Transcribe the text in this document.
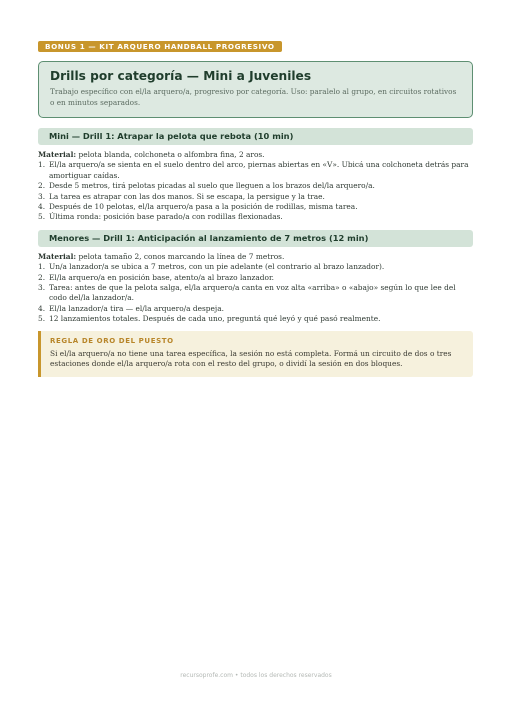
BONUS 1 — KIT ARQUERO HANDBALL PROGRESIVO
Drills por categoría — Mini a Juveniles
Trabajo específico con el/la arquero/a, progresivo por categoría. Uso: paralelo al grupo, en circuitos rotativos o en minutos separados.
Mini — Drill 1: Atrapar la pelota que rebota (10 min)
Material: pelota blanda, colchoneta o alfombra fina, 2 aros.
1. El/la arquero/a se sienta en el suelo dentro del arco, piernas abiertas en «V». Ubicá una colchoneta detrás para amortiguar caídas.
2. Desde 5 metros, tirá pelotas picadas al suelo que lleguen a los brazos del/la arquero/a.
3. La tarea es atrapar con las dos manos. Si se escapa, la persigue y la trae.
4. Después de 10 pelotas, el/la arquero/a pasa a la posición de rodillas, misma tarea.
5. Última ronda: posición base parado/a con rodillas flexionadas.
Menores — Drill 1: Anticipación al lanzamiento de 7 metros (12 min)
Material: pelota tamaño 2, conos marcando la línea de 7 metros.
1. Un/a lanzador/a se ubica a 7 metros, con un pie adelante (el contrario al brazo lanzador).
2. El/la arquero/a en posición base, atento/a al brazo lanzador.
3. Tarea: antes de que la pelota salga, el/la arquero/a canta en voz alta «arriba» o «abajo» según lo que lee del codo del/la lanzador/a.
4. El/la lanzador/a tira — el/la arquero/a despeja.
5. 12 lanzamientos totales. Después de cada uno, preguntá qué leyó y qué pasó realmente.
REGLA DE ORO DEL PUESTO
Si el/la arquero/a no tiene una tarea específica, la sesión no está completa. Formá un circuito de dos o tres estaciones donde el/la arquero/a rota con el resto del grupo, o dividí la sesión en dos bloques.
recursoprofe.com • todos los derechos reservados
